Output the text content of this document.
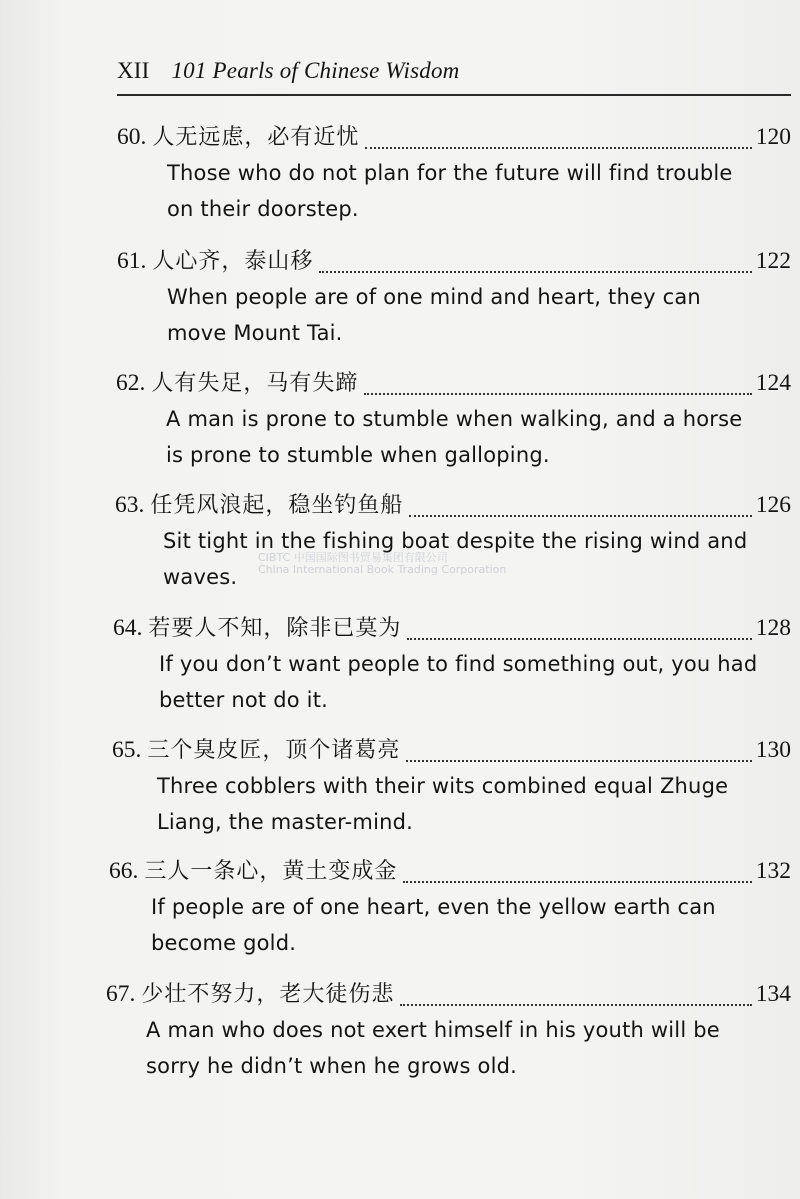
XII 101 Pearls of Chinese Wisdom
60. 人无远虑，必有近忧	120
Those who do not plan for the future will find trouble
on their doorstep.
61. 人心齐，泰山移	122
When people are of one mind and heart, they can
move Mount Tai.
62. 人有失足，马有失蹄	124
A man is prone to stumble when walking, and a horse
is prone to stumble when galloping.
63. 任凭风浪起，稳坐钓鱼船	126
Sit tight in the fishing boat despite the rising wind and
waves.
64. 若要人不知，除非已莫为	128
If you don’t want people to find something out, you had
better not do it.
65. 三个臭皮匠，顶个诸葛亮	130
Three cobblers with their wits combined equal Zhuge
Liang, the master-mind.
66. 三人一条心，黄土变成金	132
If people are of one heart, even the yellow earth can
become gold.
67. 少壮不努力，老大徒伤悲	134
A man who does not exert himself in his youth will be
sorry he didn’t when he grows old.
CIBTC 中国国际图书贸易集团有限公司
China International Book Trading Corporation
